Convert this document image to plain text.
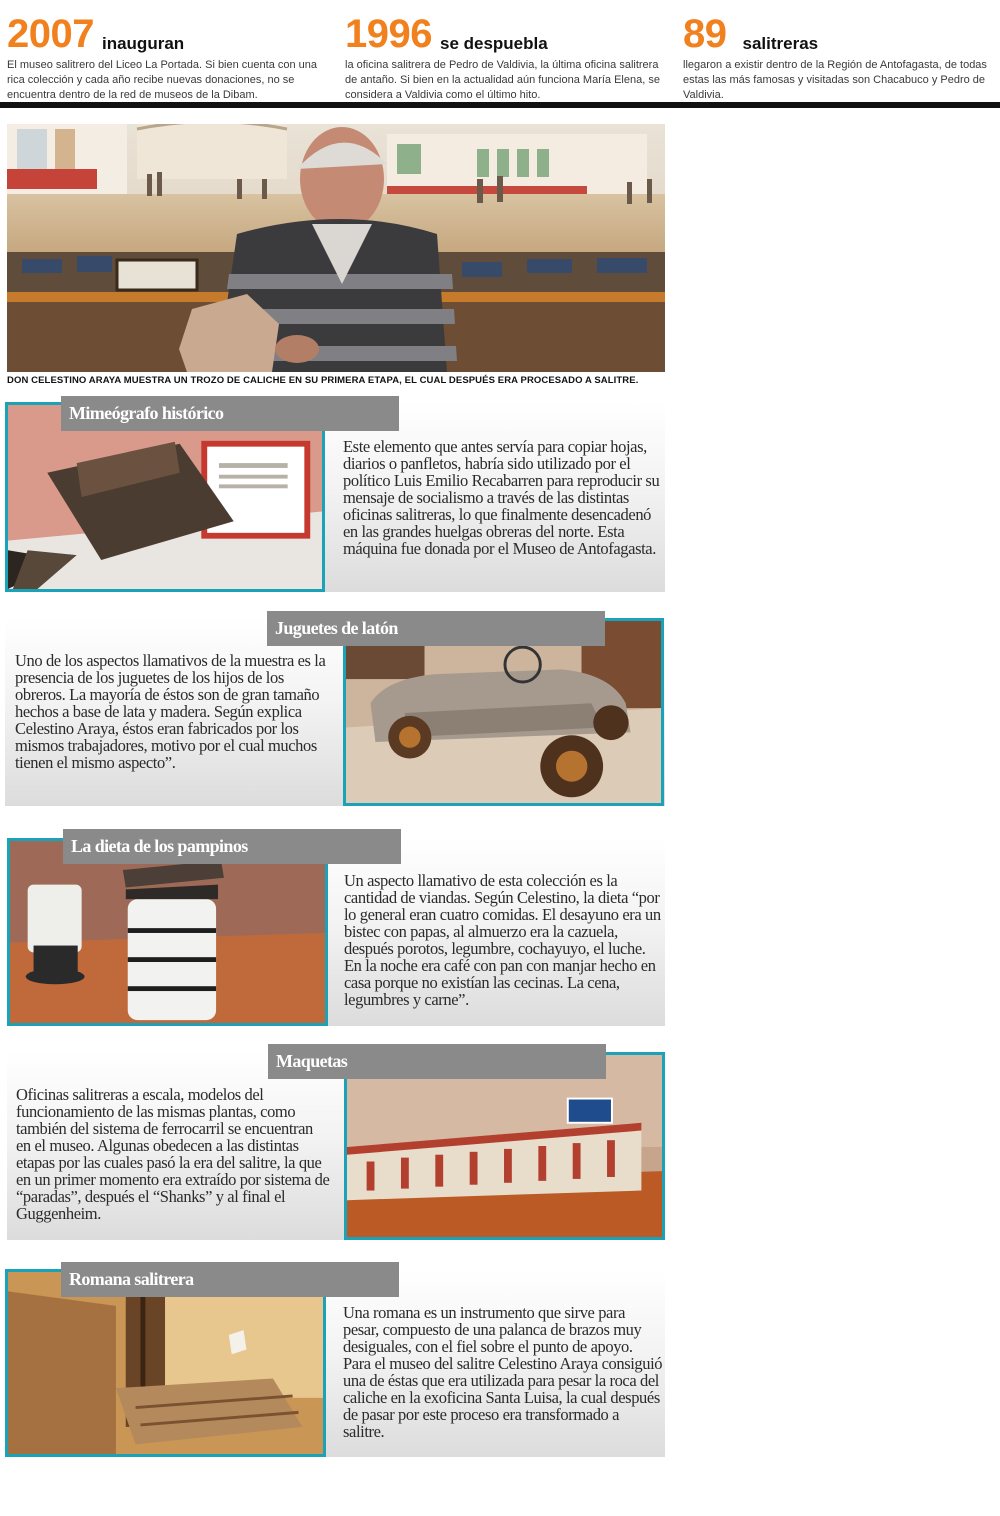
2007 inauguran
El museo salitrero del Liceo La Portada. Si bien cuenta con una rica colección y cada año recibe nuevas donaciones, no se encuentra dentro de la red de museos de la Dibam.
1996 se despuebla
la oficina salitrera de Pedro de Valdivia, la última oficina salitrera de antaño. Si bien en la actualidad aún funciona María Elena, se considera a Valdivia como el último hito.
89 salitreras
llegaron a existir dentro de la Región de Antofagasta, de todas estas las más famosas y visitadas son Chacabuco y Pedro de Valdivia.
DON CELESTINO ARAYA MUESTRA UN TROZO DE CALICHE EN SU PRIMERA ETAPA, EL CUAL DESPUÉS ERA PROCESADO A SALITRE.
Mimeógrafo histórico

Este elemento que antes servía para copiar hojas, diarios o panfletos, habría sido utilizado por el político Luis Emilio Recabarren para reproducir su mensaje de socialismo a través de las distintas oficinas salitreras, lo que finalmente desencadenó en las grandes huelgas obreras del norte. Esta máquina fue donada por el Museo de Antofagasta.

Juguetes de latón

Uno de los aspectos llamativos de la muestra es la presencia de los juguetes de los hijos de los obreros. La mayoría de éstos son de gran tamaño hechos a base de lata y madera. Según explica Celestino Araya, éstos eran fabricados por los mismos trabajadores, motivo por el cual muchos tienen el mismo aspecto”.

La dieta de los pampinos

Un aspecto llamativo de esta colección es la cantidad de viandas. Según Celestino, la dieta “por lo general eran cuatro comidas. El desayuno era un bistec con papas, al almuerzo era la cazuela, después porotos, legumbre, cochayuyo, el luche. En la noche era café con pan con manjar hecho en casa porque no existían las cecinas. La cena, legumbres y carne”.

Maquetas

Oficinas salitreras a escala, modelos del funcionamiento de las mismas plantas, como también del sistema de ferrocarril se encuentran en el museo. Algunas obedecen a las distintas etapas por las cuales pasó la era del salitre, la que en un primer momento era extraído por sistema de “paradas”, después el “Shanks” y al final el Guggenheim.

Romana salitrera

Una romana es un instrumento que sirve para pesar, compuesto de una palanca de brazos muy desiguales, con el fiel sobre el punto de apoyo. Para el museo del salitre Celestino Araya consiguió una de éstas que era utilizada para pesar la roca del caliche en la exoficina Santa Luisa, la cual después de pasar por este proceso era transformado a salitre.
